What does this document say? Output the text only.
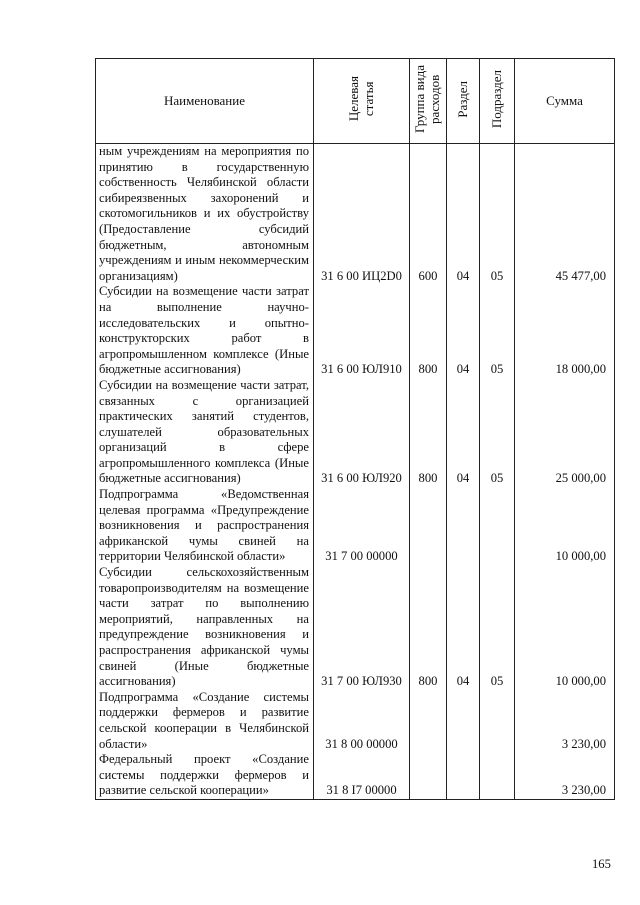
Наименование	Целевая статья	Группа вида расходов	Раздел	Подраздел	Сумма
ным учреждениям на мероприятия по принятию в государственную собственность Челябинской области сибиреязвенных захоронений и скотомогильников и их обустройству (Предоставление субсидий бюджетным, автономным учреждениям и иным некоммерческим организациям)	31 6 00 ИЦ2D0	600	04	05	45 477,00
Субсидии на возмещение части затрат на выполнение научно-исследовательских и опытно-конструкторских работ в агропромышленном комплексе (Иные бюджетные ассигнования)	31 6 00 ЮЛ910	800	04	05	18 000,00
Субсидии на возмещение части затрат, связанных с организацией практических занятий студентов, слушателей образовательных организаций в сфере агропромышленного комплекса (Иные бюджетные ассигнования)	31 6 00 ЮЛ920	800	04	05	25 000,00
Подпрограмма «Ведомственная целевая программа «Предупреждение возникновения и распространения африканской чумы свиней на территории Челябинской области»	31 7 00 00000				10 000,00
Субсидии сельскохозяйственным товаропроизводителям на возмещение части затрат по выполнению мероприятий, направленных на предупреждение возникновения и распространения африканской чумы свиней (Иные бюджетные ассигнования)	31 7 00 ЮЛ930	800	04	05	10 000,00
Подпрограмма «Создание системы поддержки фермеров и развитие сельской кооперации в Челябинской области»	31 8 00 00000				3 230,00
Федеральный проект «Создание системы поддержки фермеров и развитие сельской кооперации»	31 8 I7 00000				3 230,00
165
